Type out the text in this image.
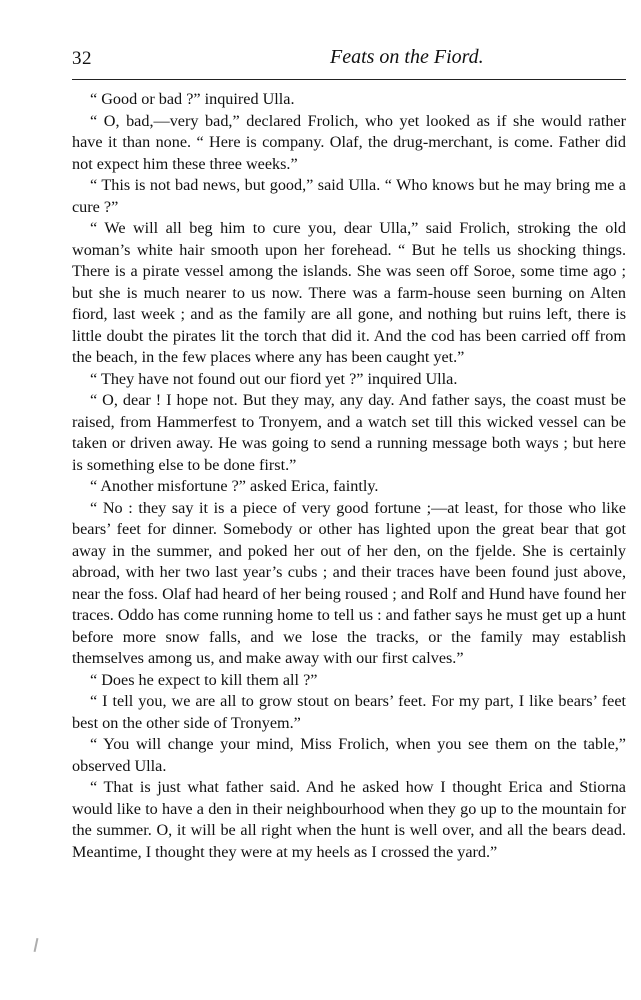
32	Feats on the Fiord.

“ Good or bad ?” inquired Ulla.

“ O, bad,—very bad,” declared Frolich, who yet looked as if she would rather have it than none. “ Here is company. Olaf, the drug-merchant, is come. Father did not expect him these three weeks.”

“ This is not bad news, but good,” said Ulla. “ Who knows but he may bring me a cure ?”

“ We will all beg him to cure you, dear Ulla,” said Frolich, stroking the old woman’s white hair smooth upon her forehead. “ But he tells us shocking things. There is a pirate vessel among the islands. She was seen off Soroe, some time ago ; but she is much nearer to us now. There was a farm-house seen burning on Alten fiord, last week ; and as the family are all gone, and nothing but ruins left, there is little doubt the pirates lit the torch that did it. And the cod has been carried off from the beach, in the few places where any has been caught yet.”

“ They have not found out our fiord yet ?” inquired Ulla.

“ O, dear ! I hope not. But they may, any day. And father says, the coast must be raised, from Hammerfest to Tronyem, and a watch set till this wicked vessel can be taken or driven away. He was going to send a running message both ways ; but here is something else to be done first.”

“ Another misfortune ?” asked Erica, faintly.

“ No : they say it is a piece of very good fortune ;—at least, for those who like bears’ feet for dinner. Somebody or other has lighted upon the great bear that got away in the summer, and poked her out of her den, on the fjelde. She is certainly abroad, with her two last year’s cubs ; and their traces have been found just above, near the foss. Olaf had heard of her being roused ; and Rolf and Hund have found her traces. Oddo has come running home to tell us : and father says he must get up a hunt before more snow falls, and we lose the tracks, or the family may establish themselves among us, and make away with our first calves.”

“ Does he expect to kill them all ?”

“ I tell you, we are all to grow stout on bears’ feet. For my part, I like bears’ feet best on the other side of Tronyem.”

“ You will change your mind, Miss Frolich, when you see them on the table,” observed Ulla.

“ That is just what father said. And he asked how I thought Erica and Stiorna would like to have a den in their neighbourhood when they go up to the mountain for the summer. O, it will be all right when the hunt is well over, and all the bears dead. Meantime, I thought they were at my heels as I crossed the yard.”
